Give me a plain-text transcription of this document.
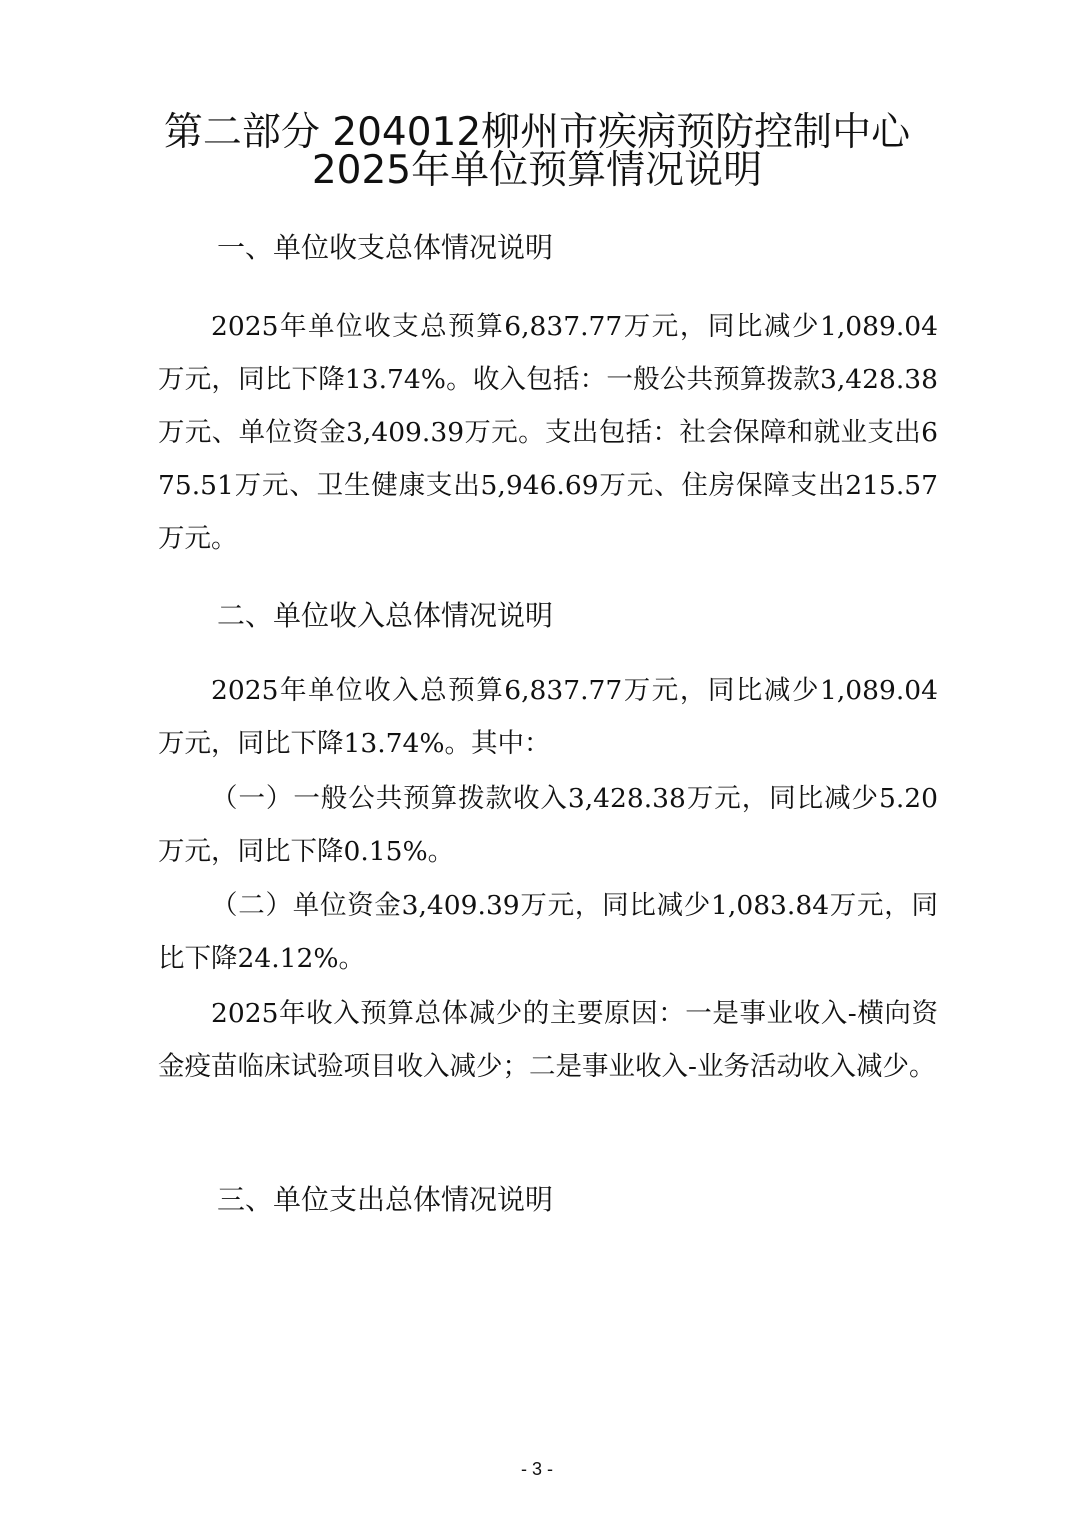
第二部分 204012柳州市疾病预防控制中心
2025年单位预算情况说明
一、单位收支总体情况说明

2025年单位收支总预算6,837.77万元，同比减少1,089.04万元，同比下降13.74%。收入包括：一般公共预算拨款3,428.38万元、单位资金3,409.39万元。支出包括：社会保障和就业支出675.51万元、卫生健康支出5,946.69万元、住房保障支出215.57万元。

二、单位收入总体情况说明

2025年单位收入总预算6,837.77万元，同比减少1,089.04万元，同比下降13.74%。其中：

（一）一般公共预算拨款收入3,428.38万元，同比减少5.20万元，同比下降0.15%。

（二）单位资金3,409.39万元，同比减少1,083.84万元，同比下降24.12%。

2025年收入预算总体减少的主要原因：一是事业收入-横向资金疫苗临床试验项目收入减少；二是事业收入-业务活动收入减少。

三、单位支出总体情况说明
- 3 -
